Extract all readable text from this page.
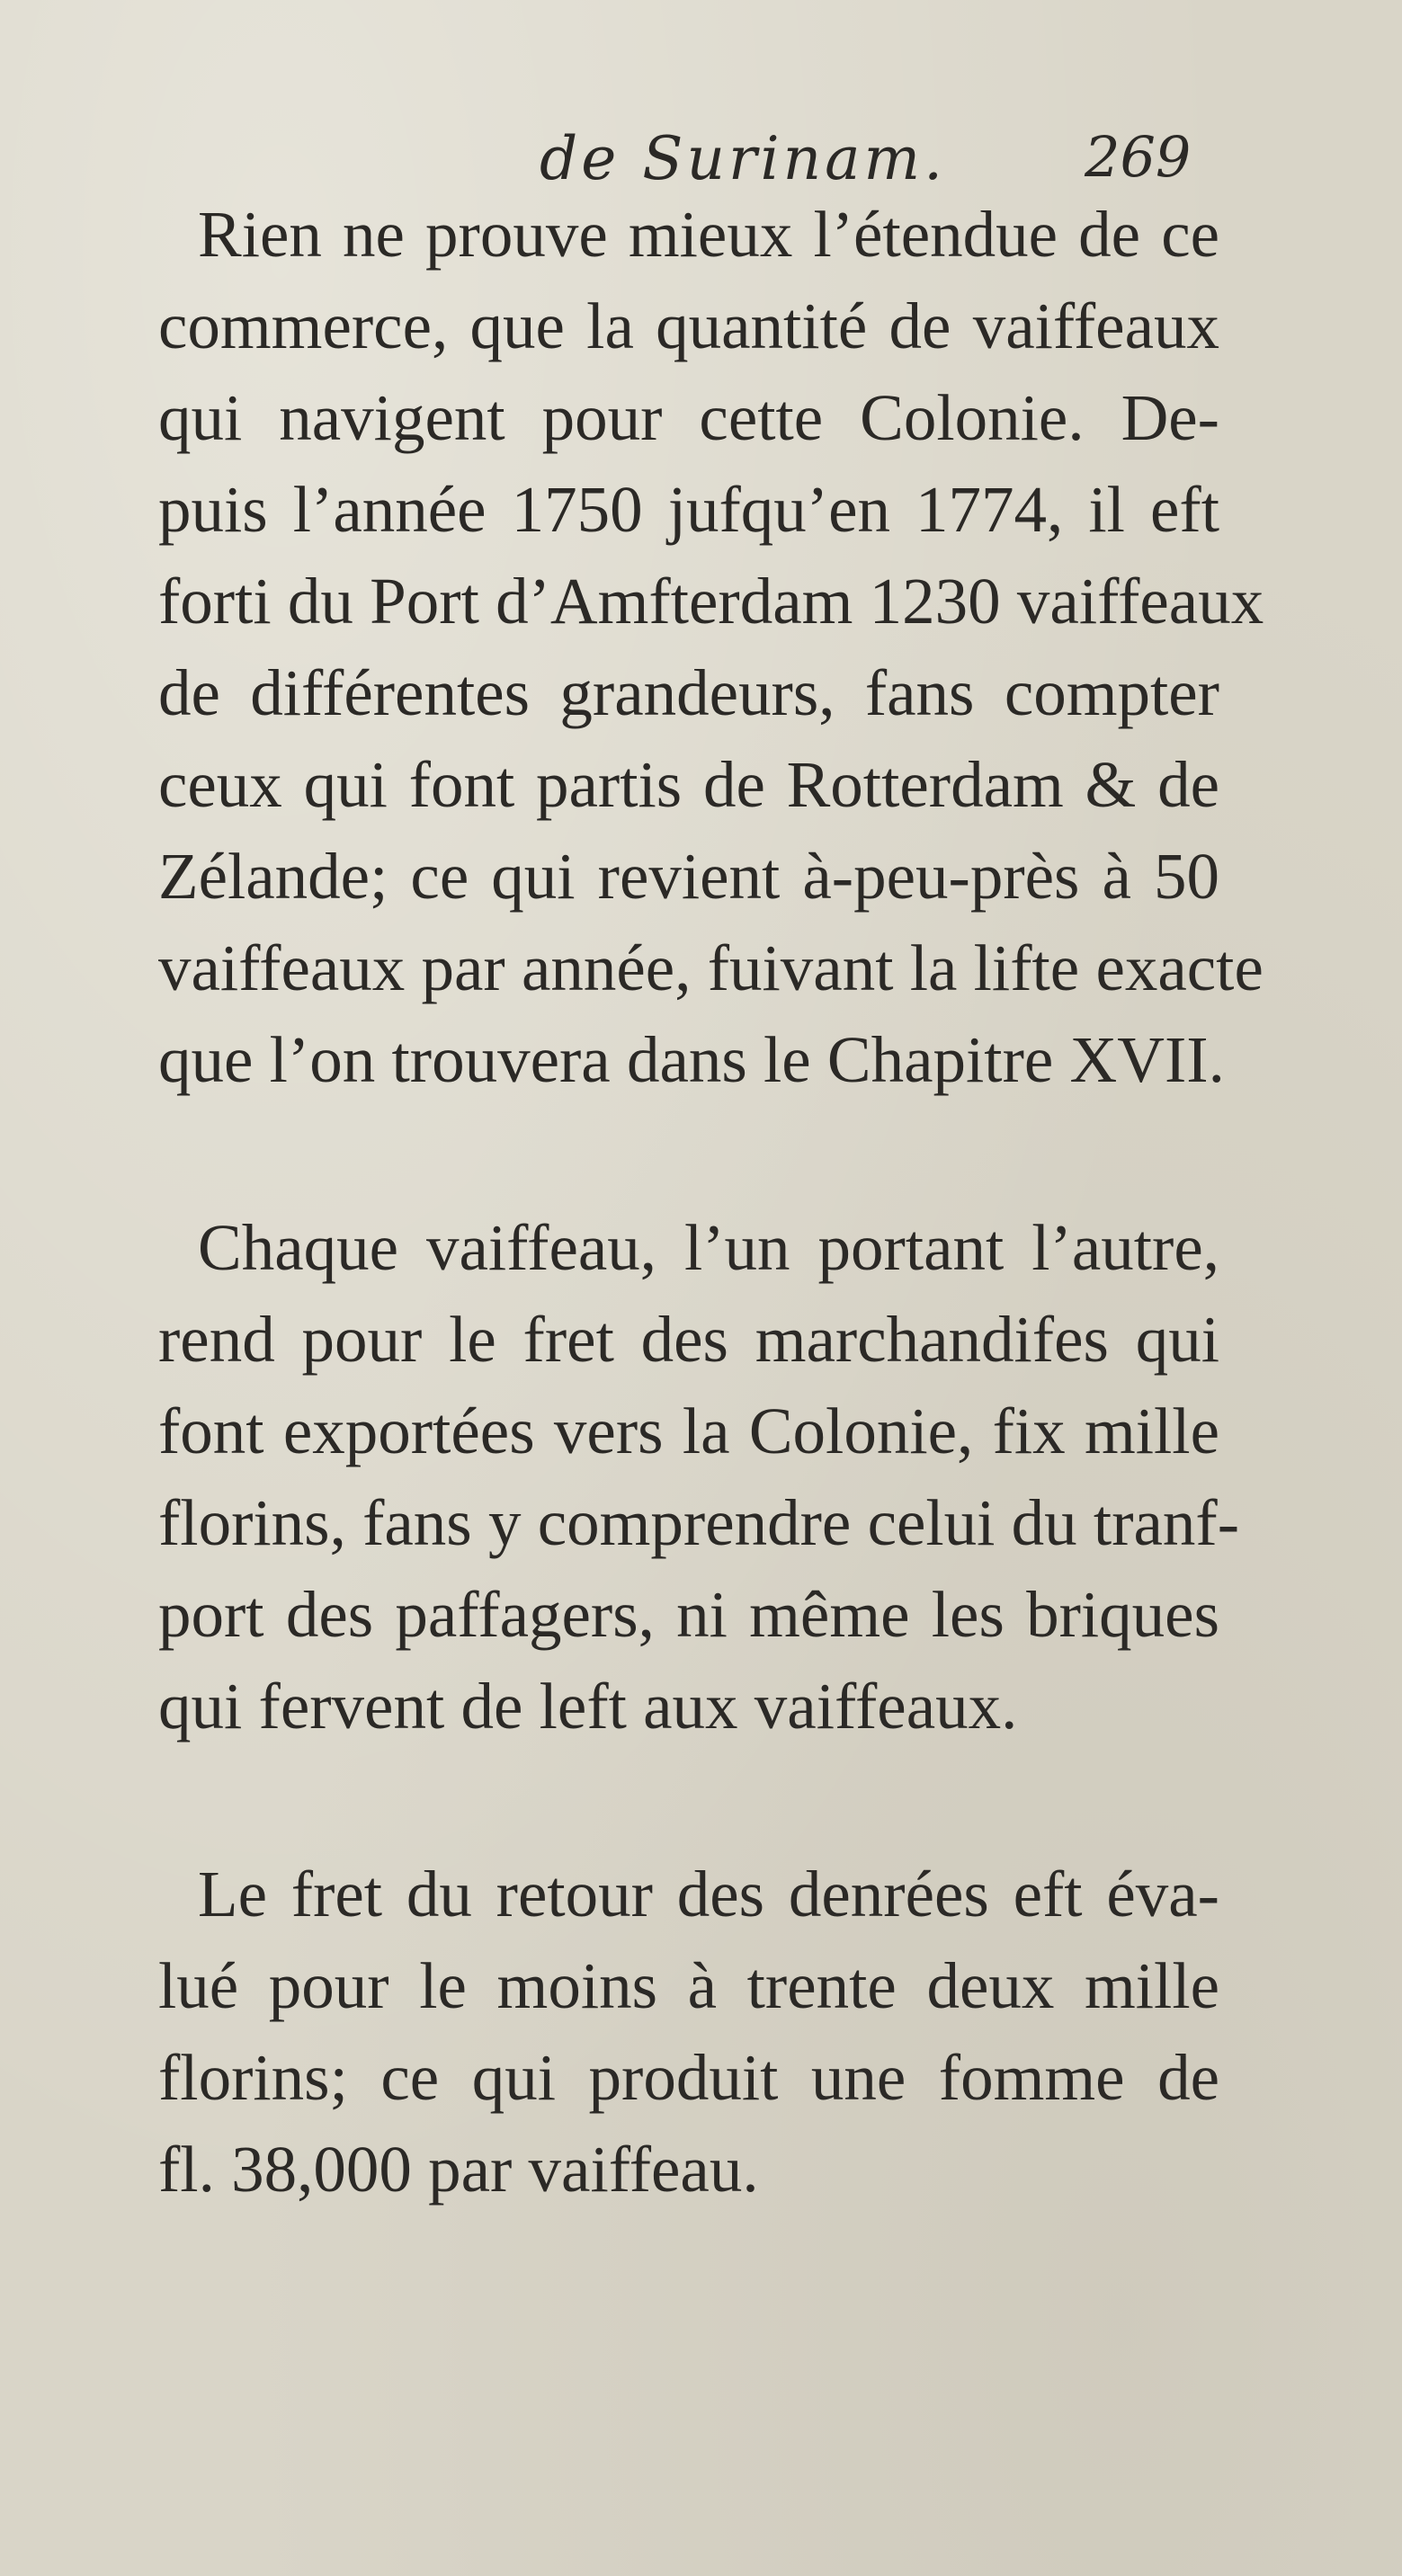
de Surinam. 269

Rien ne prouve mieux l’étendue de ce
commerce, que la quantité de vaiffeaux
qui navigent pour cette Colonie. De-
puis l’année 1750 jufqu’en 1774, il eft
forti du Port d’Amfterdam 1230 vaiffeaux
de différentes grandeurs, fans compter
ceux qui font partis de Rotterdam & de
Zélande; ce qui revient à-peu-près à 50
vaiffeaux par année, fuivant la lifte exacte
que l’on trouvera dans le Chapitre XVII.

Chaque vaiffeau, l’un portant l’autre,
rend pour le fret des marchandifes qui
font exportées vers la Colonie, fix mille
florins, fans y comprendre celui du tranf-
port des paffagers, ni même les briques
qui fervent de left aux vaiffeaux.

Le fret du retour des denrées eft éva-
lué pour le moins à trente deux mille
florins; ce qui produit une fomme de
fl. 38,000 par vaiffeau.
